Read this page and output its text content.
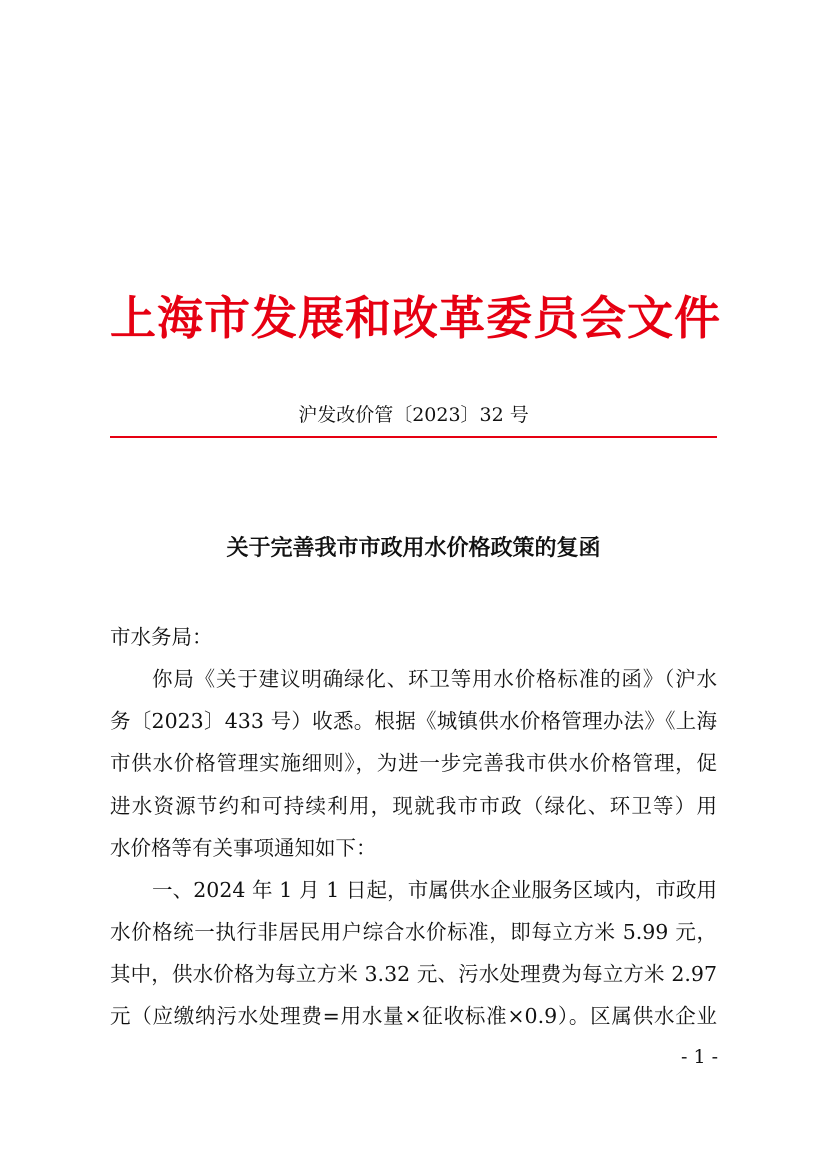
上海市发展和改革委员会文件
沪发改价管〔2023〕32 号
关于完善我市市政用水价格政策的复函
市水务局：
你局《关于建议明确绿化、环卫等用水价格标准的函》（沪水
务〔2023〕433 号）收悉。根据《城镇供水价格管理办法》《上海
市供水价格管理实施细则》，为进一步完善我市供水价格管理，促
进水资源节约和可持续利用，现就我市市政（绿化、环卫等）用
水价格等有关事项通知如下：
一、2024 年 1 月 1 日起，市属供水企业服务区域内，市政用
水价格统一执行非居民用户综合水价标准，即每立方米 5.99 元，
其中，供水价格为每立方米 3.32 元、污水处理费为每立方米 2.97
元（应缴纳污水处理费=用水量×征收标准×0.9）。区属供水企业
- 1 -
